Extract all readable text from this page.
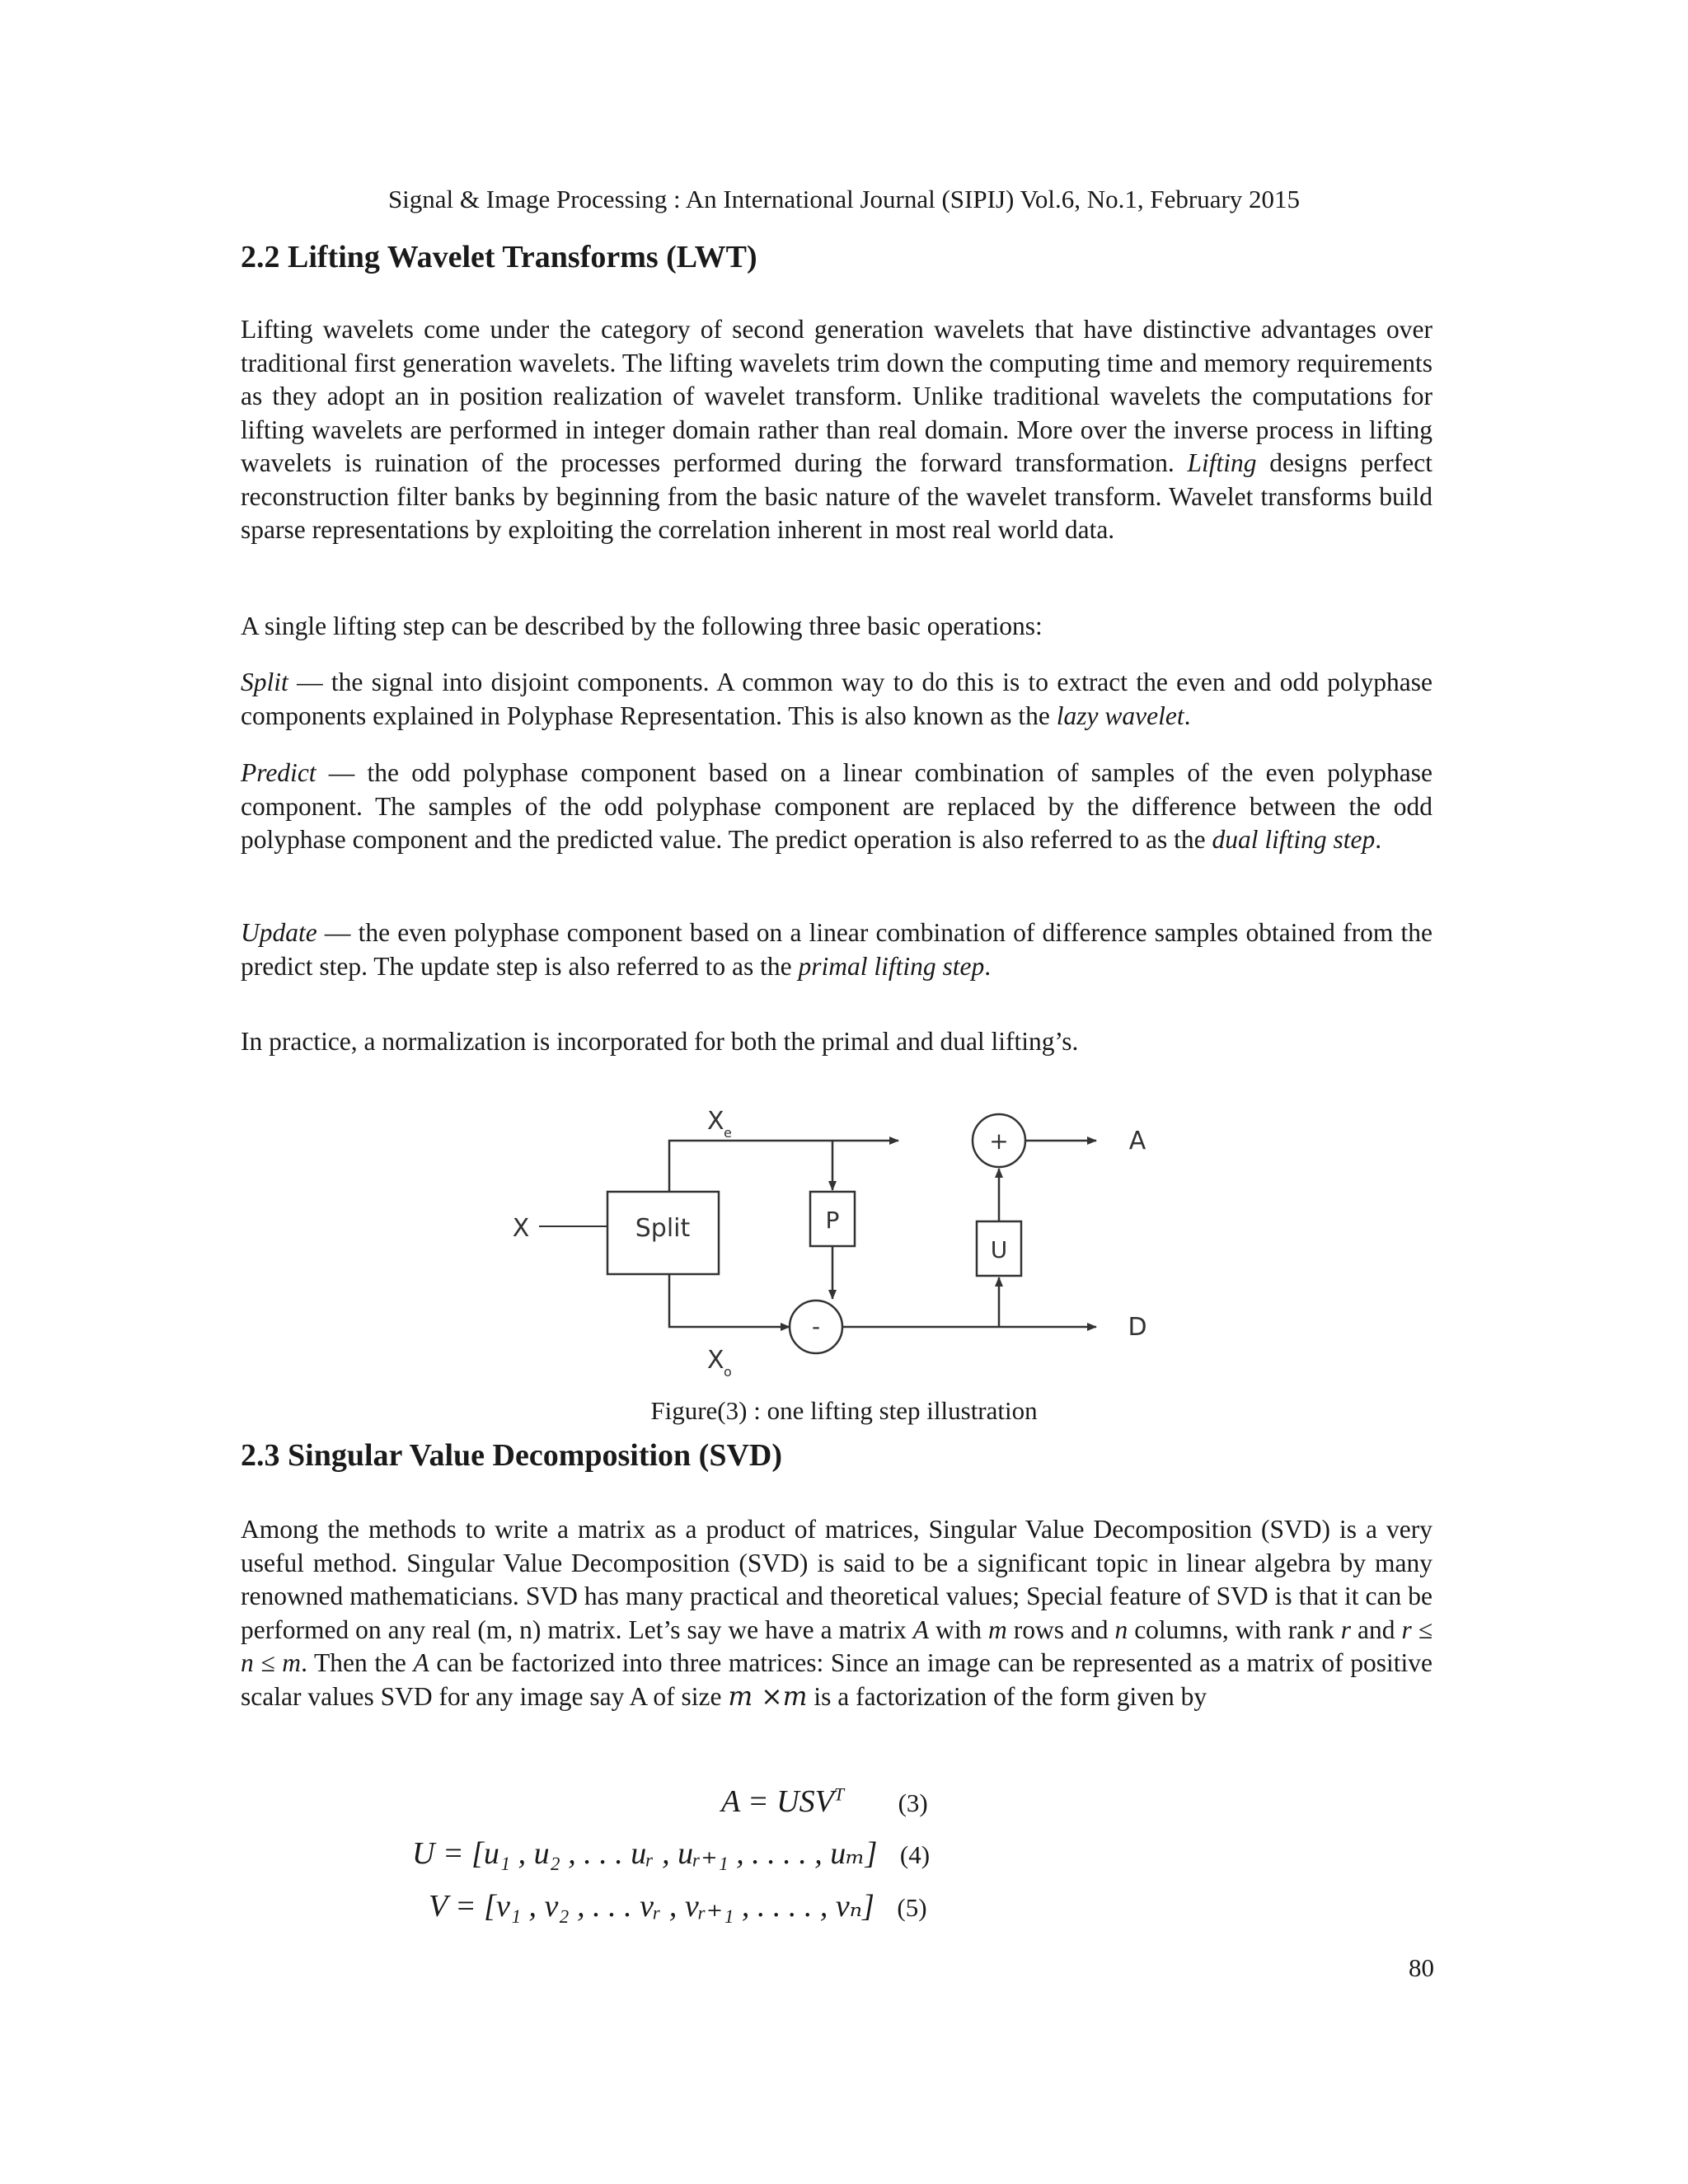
Signal & Image Processing : An International Journal (SIPIJ) Vol.6, No.1, February 2015
2.2 Lifting Wavelet Transforms (LWT)

Lifting wavelets come under the category of second generation wavelets that have distinctive advantages over traditional first generation wavelets. The lifting wavelets trim down the computing time and memory requirements as they adopt an in position realization of wavelet transform. Unlike traditional wavelets the computations for lifting wavelets are performed in integer domain rather than real domain. More over the inverse process in lifting wavelets is ruination of the processes performed during the forward transformation. Lifting designs perfect reconstruction filter banks by beginning from the basic nature of the wavelet transform. Wavelet transforms build sparse representations by exploiting the correlation inherent in most real world data.

A single lifting step can be described by the following three basic operations:

Split — the signal into disjoint components. A common way to do this is to extract the even and odd polyphase components explained in Polyphase Representation. This is also known as the lazy wavelet.

Predict — the odd polyphase component based on a linear combination of samples of the even polyphase component. The samples of the odd polyphase component are replaced by the difference between the odd polyphase component and the predicted value. The predict operation is also referred to as the dual lifting step.

Update — the even polyphase component based on a linear combination of difference samples obtained from the predict step. The update step is also referred to as the primal lifting step.

In practice, a normalization is incorporated for both the primal and dual lifting’s.

Split
X
X e
X o
P
-	D
U
+	A
Figure(3) : one lifting step illustration
2.3 Singular Value Decomposition (SVD)

Among the methods to write a matrix as a product of matrices, Singular Value Decomposition (SVD) is a very useful method. Singular Value Decomposition (SVD) is said to be a significant topic in linear algebra by many renowned mathematicians. SVD has many practical and theoretical values; Special feature of SVD is that it can be performed on any real (m, n) matrix. Let’s say we have a matrix A with m rows and n columns, with rank r and r ≤ n ≤ m. Then the A can be factorized into three matrices: Since an image can be represented as a matrix of positive scalar values SVD for any image say A of size m ×m is a factorization of the form given by

$A = USV^T$ (3)
U = [u₁ , u₂ , . . . uᵣ , uᵣ₊₁ , . . . . , uₘ] (4)
V = [v₁ , v₂ , . . . vᵣ , vᵣ₊₁ , . . . . , vₙ] (5)
80
